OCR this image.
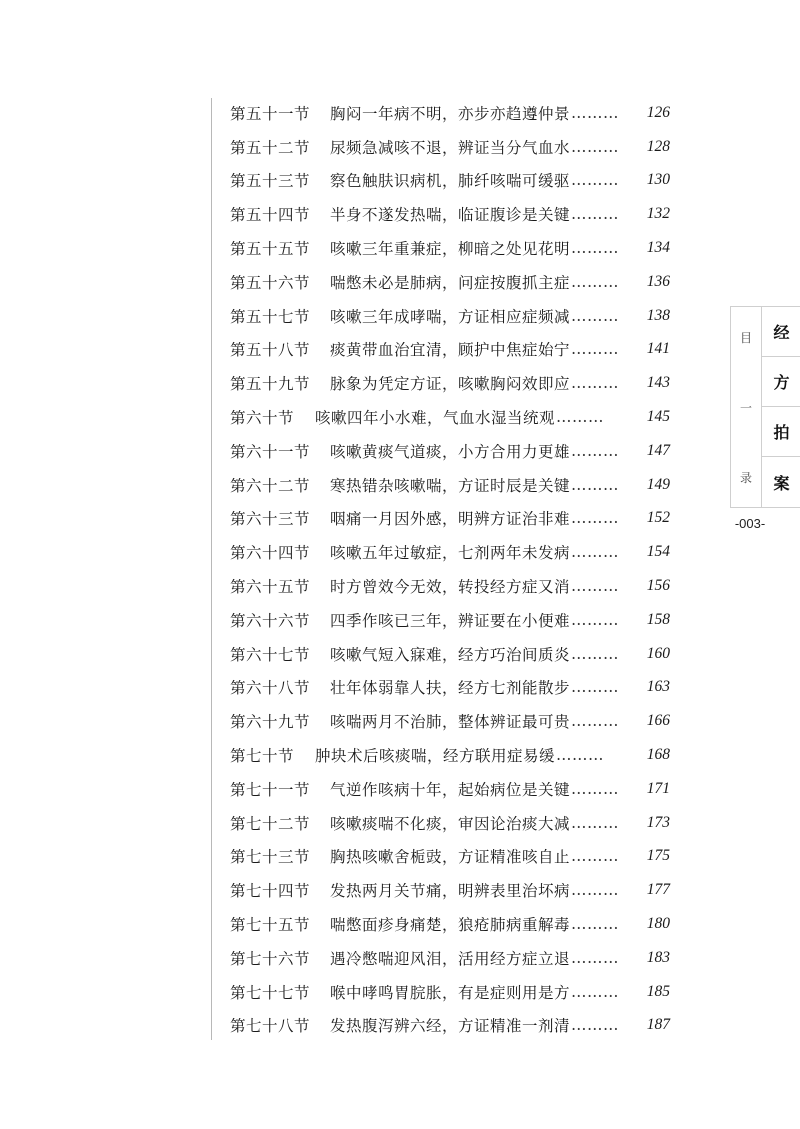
第五十一节	胸闷一年病不明，亦步亦趋遵仲景 ………	126
第五十二节	尿频急减咳不退，辨证当分气血水 ………	128
第五十三节	察色触肤识病机，肺纤咳喘可缓驱 ………	130
第五十四节	半身不遂发热喘，临证腹诊是关键 ………	132
第五十五节	咳嗽三年重兼症，柳暗之处见花明 ………	134
第五十六节	喘憋未必是肺病，问症按腹抓主症 ………	136
第五十七节	咳嗽三年成哮喘，方证相应症频减 ………	138
第五十八节	痰黄带血治宜清，顾护中焦症始宁 ………	141
第五十九节	脉象为凭定方证，咳嗽胸闷效即应 ………	143
第六十节	咳嗽四年小水难，气血水湿当统观 ………	145
第六十一节	咳嗽黄痰气道痰，小方合用力更雄 ………	147
第六十二节	寒热错杂咳嗽喘，方证时辰是关键 ………	149
第六十三节	咽痛一月因外感，明辨方证治非难 ………	152
第六十四节	咳嗽五年过敏症，七剂两年未发病 ………	154
第六十五节	时方曾效今无效，转投经方症又消 ………	156
第六十六节	四季作咳已三年，辨证要在小便难 ………	158
第六十七节	咳嗽气短入寐难，经方巧治间质炎 ………	160
第六十八节	壮年体弱靠人扶，经方七剂能散步 ………	163
第六十九节	咳喘两月不治肺，整体辨证最可贵 ………	166
第七十节	肿块术后咳痰喘，经方联用症易缓 ………	168
第七十一节	气逆作咳病十年，起始病位是关键 ………	171
第七十二节	咳嗽痰喘不化痰，审因论治痰大减 ………	173
第七十三节	胸热咳嗽舍栀豉，方证精准咳自止 ………	175
第七十四节	发热两月关节痛，明辨表里治坏病 ………	177
第七十五节	喘憋面疹身痛楚，狼疮肺病重解毒 ………	180
第七十六节	遇冷憋喘迎风泪，活用经方症立退 ………	183
第七十七节	喉中哮鸣胃脘胀，有是症则用是方 ………	185
第七十八节	发热腹泻辨六经，方证精准一剂清 ………	187
目
一
录
经
方
拍
案
-003-
